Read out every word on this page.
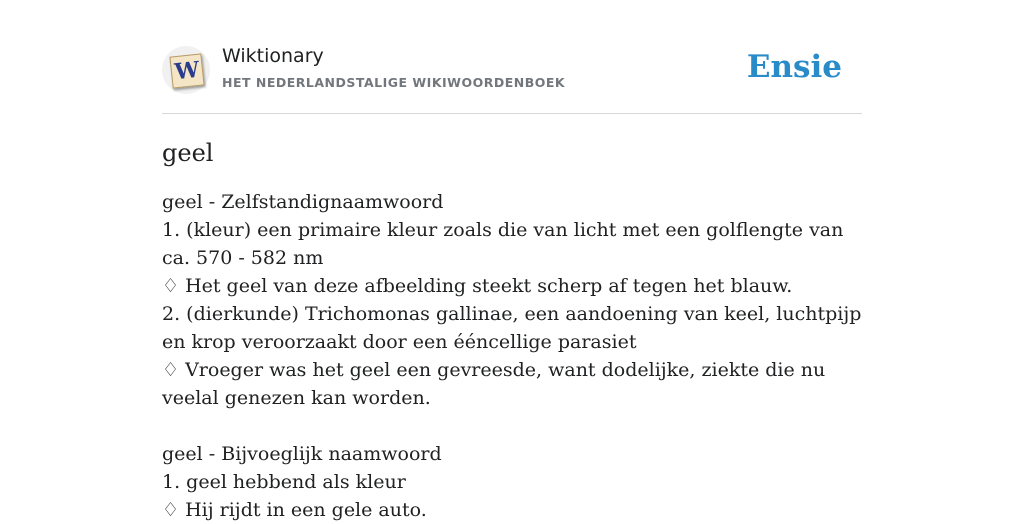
W
Wiktionary
HET NEDERLANDSTALIGE WIKIWOORDENBOEK	Ensie
geel
geel - Zelfstandignaamwoord
1. (kleur) een primaire kleur zoals die van licht met een golflengte van ca. 570 - 582 nm
♢ Het geel van deze afbeelding steekt scherp af tegen het blauw.
2. (dierkunde) Trichomonas gallinae, een aandoening van keel, luchtpijp en krop veroorzaakt door een ééncellige parasiet
♢ Vroeger was het geel een gevreesde, want dodelijke, ziekte die nu veelal genezen kan worden.
geel - Bijvoeglijk naamwoord
1. geel hebbend als kleur
♢ Hij rijdt in een gele auto.
